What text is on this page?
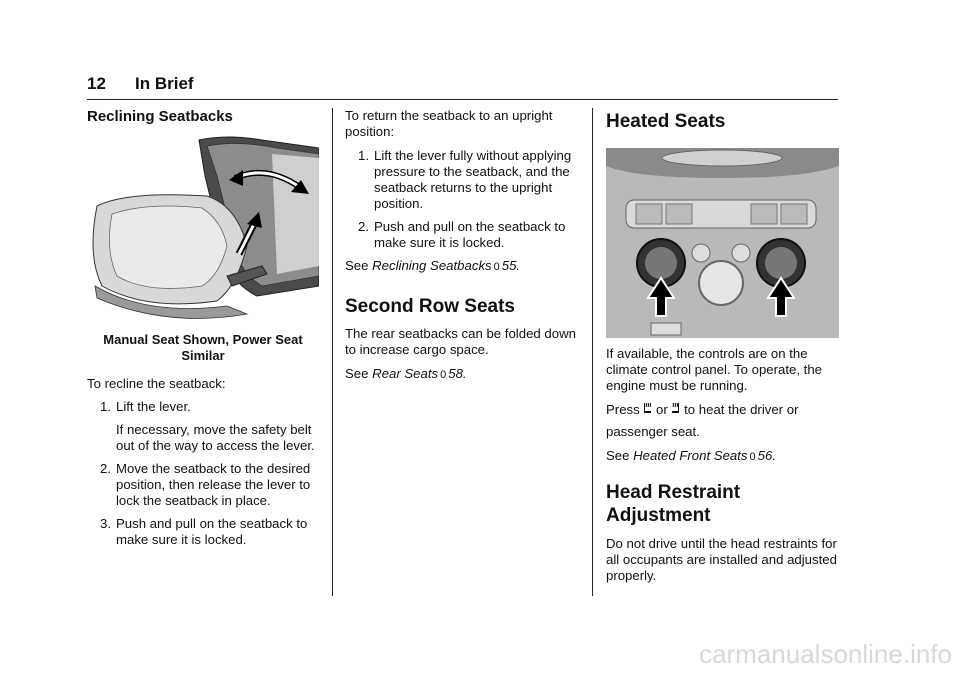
12 In Brief
Reclining Seatbacks
Manual Seat Shown, Power Seat Similar

To recline the seatback:

1. Lift the lever.
If necessary, move the safety belt out of the way to access the lever.
2. Move the seatback to the desired position, then release the lever to lock the seatback in place.
3. Push and pull on the seatback to make sure it is locked.

To return the seatback to an upright position:

1. Lift the lever fully without applying pressure to the seatback, and the seatback returns to the upright position.
2. Push and pull on the seatback to make sure it is locked.

See Reclining Seatbacks 0 55.

Second Row Seats

The rear seatbacks can be folded down to increase cargo space.

See Rear Seats 0 58.

Heated Seats

If available, the controls are on the climate control panel. To operate, the engine must be running.

Press  or  to heat the driver or

passenger seat.

See Heated Front Seats 0 56.

Head Restraint Adjustment

Do not drive until the head restraints for all occupants are installed and adjusted properly.

carmanualsonline.info
